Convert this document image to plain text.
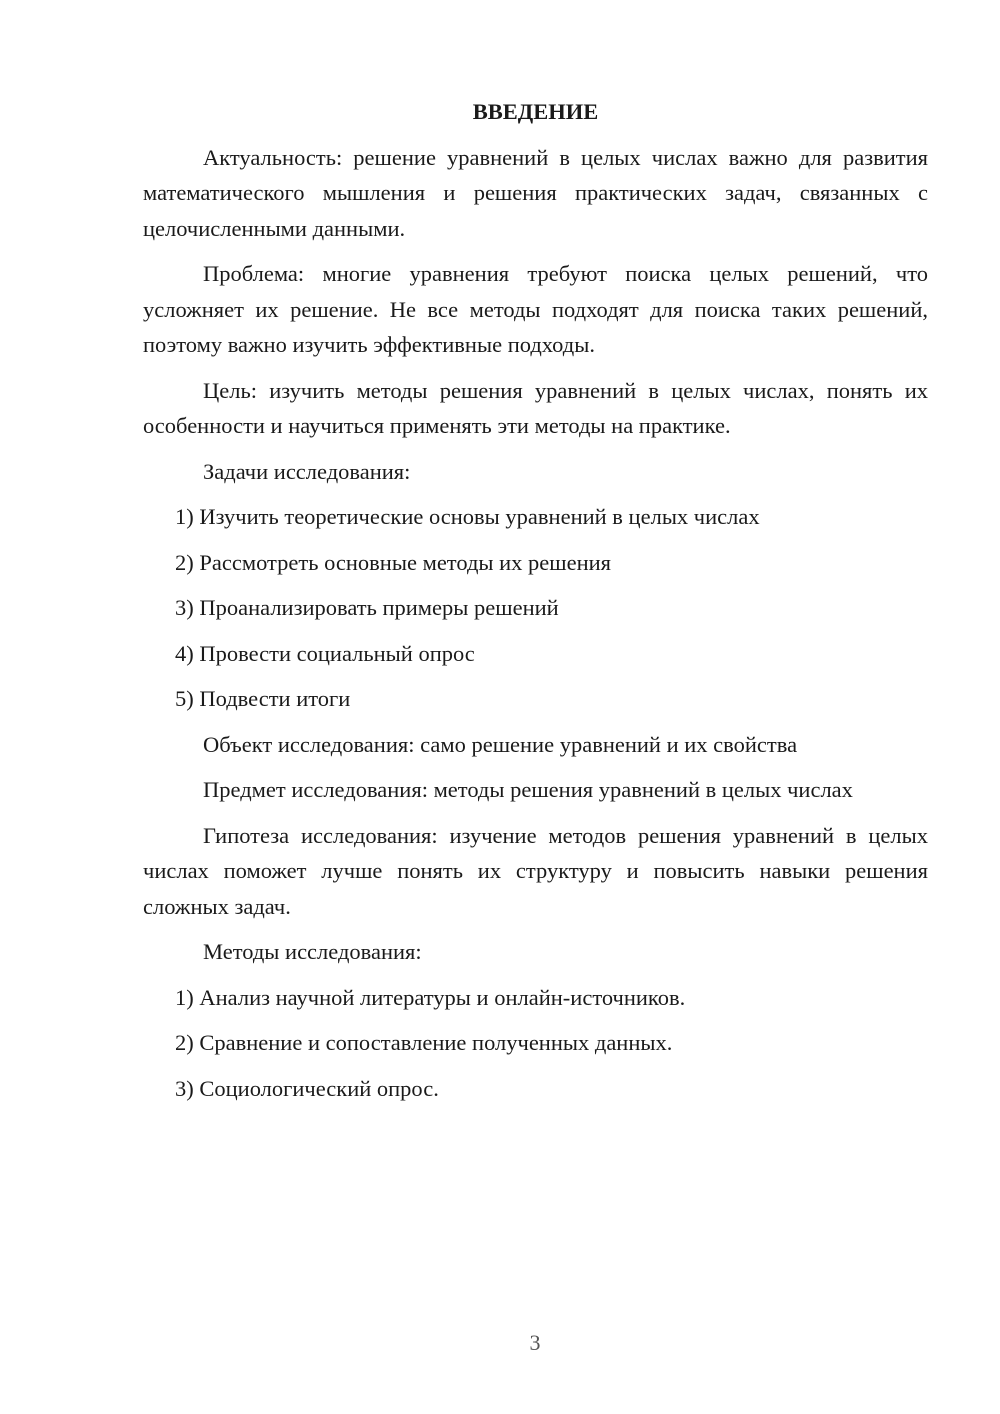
ВВЕДЕНИЕ

Актуальность: решение уравнений в целых числах важно для развития математического мышления и решения практических задач, связанных с целочисленными данными.

Проблема: многие уравнения требуют поиска целых решений, что усложняет их решение. Не все методы подходят для поиска таких решений, поэтому важно изучить эффективные подходы.

Цель: изучить методы решения уравнений в целых числах, понять их особенности и научиться применять эти методы на практике.

Задачи исследования:

1) Изучить теоретические основы уравнений в целых числах
2) Рассмотреть основные методы их решения
3) Проанализировать примеры решений
4) Провести социальный опрос
5) Подвести итоги

Объект исследования: само решение уравнений и их свойства

Предмет исследования: методы решения уравнений в целых числах

Гипотеза исследования: изучение методов решения уравнений в целых числах поможет лучше понять их структуру и повысить навыки решения сложных задач.

Методы исследования:

1) Анализ научной литературы и онлайн-источников.
2) Сравнение и сопоставление полученных данных.
3) Социологический опрос.
3
